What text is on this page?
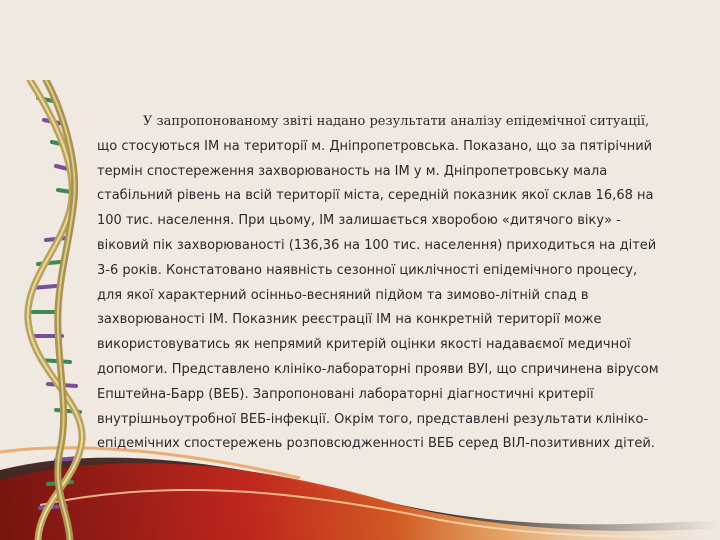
У запропонованому звіті надано результати аналізу епідемічної ситуації, що стосуються ІМ на території м. Дніпропетровська. Показано, що за пятірічний термін спостереження захворюваность на ІМ у м. Дніпропетровську мала стабільний рівень на всій території міста, середній показник якої склав 16,68 на 100 тис. населення. При цьому, ІМ залишається хворобою «дитячого віку» - віковий пік захворюваності (136,36 на 100 тис. населення) приходиться на дітей 3-6 років. Констатовано наявність сезонної циклічності епідемічного процесу, для якої характерний осінньо-весняний підйом та зимово-літній спад в захворюваності ІМ. Показник реєстрації ІМ на конкретній території може використовуватись як непрямий критерій оцінки якості надаваємої медичної допомоги. Представлено клініко-лабораторні прояви ВУІ, що спричинена вірусом Епштейна-Барр (ВЕБ). Запропоновані лабораторні діагностичні критерії внутрішньоутробної ВЕБ-інфекції. Окрім того, представлені результати клініко-епідемічних спостережень розповсюдженності ВЕБ серед ВІЛ-позитивних дітей.
